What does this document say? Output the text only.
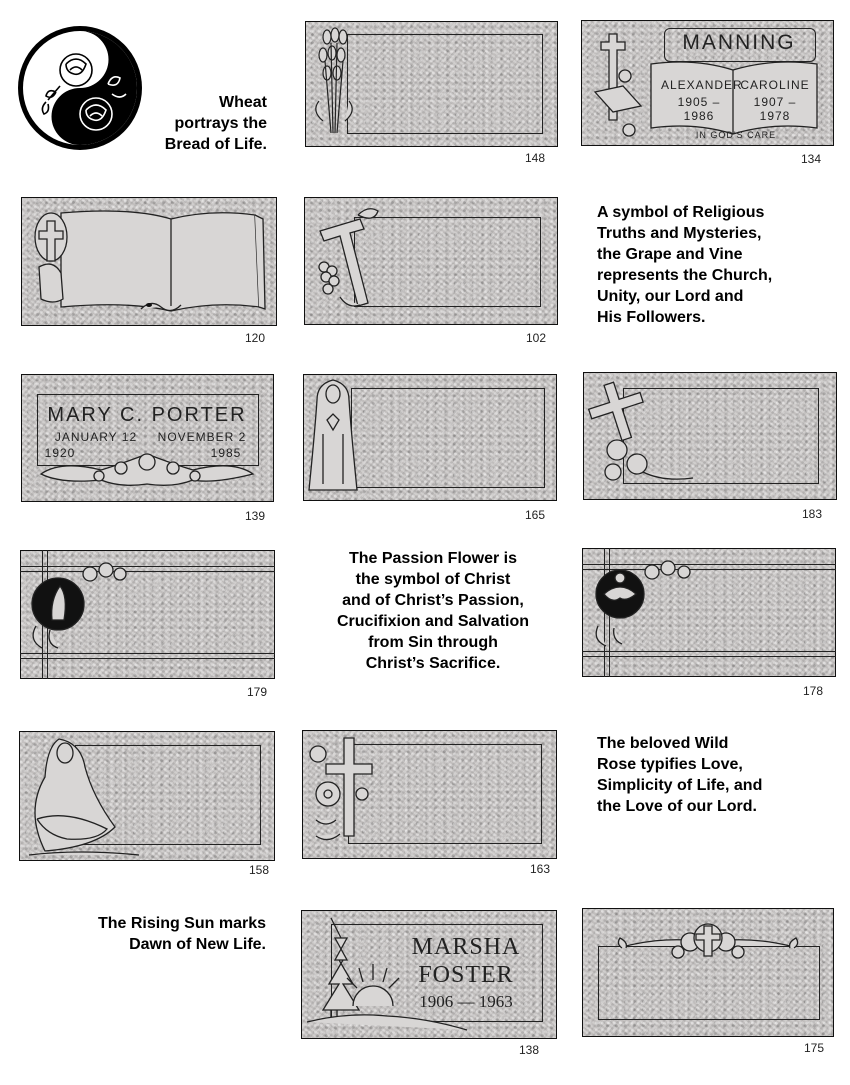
Wheat
portrays the
Bread of Life.
A symbol of Religious
Truths and Mysteries,
the Grape and Vine
represents the Church,
Unity, our Lord and
His Followers.
The Passion Flower is
the symbol of Christ
and of Christ’s Passion,
Crucifixion and Salvation
from Sin through
Christ’s Sacrifice.
The beloved Wild
Rose typifies Love,
Simplicity of Life, and
the Love of our Lord.
The Rising Sun marks
Dawn of New Life.
148
MANNING
ALEXANDER
1905 – 1986
CAROLINE
1907 – 1978
IN GOD'S CARE
134
120	102
MARY C. PORTER
JANUARY 12	NOVEMBER 2
1920	1985
139	165	183
179	178
158	163
MARSHA
FOSTER
1906 — 1963
138	175
